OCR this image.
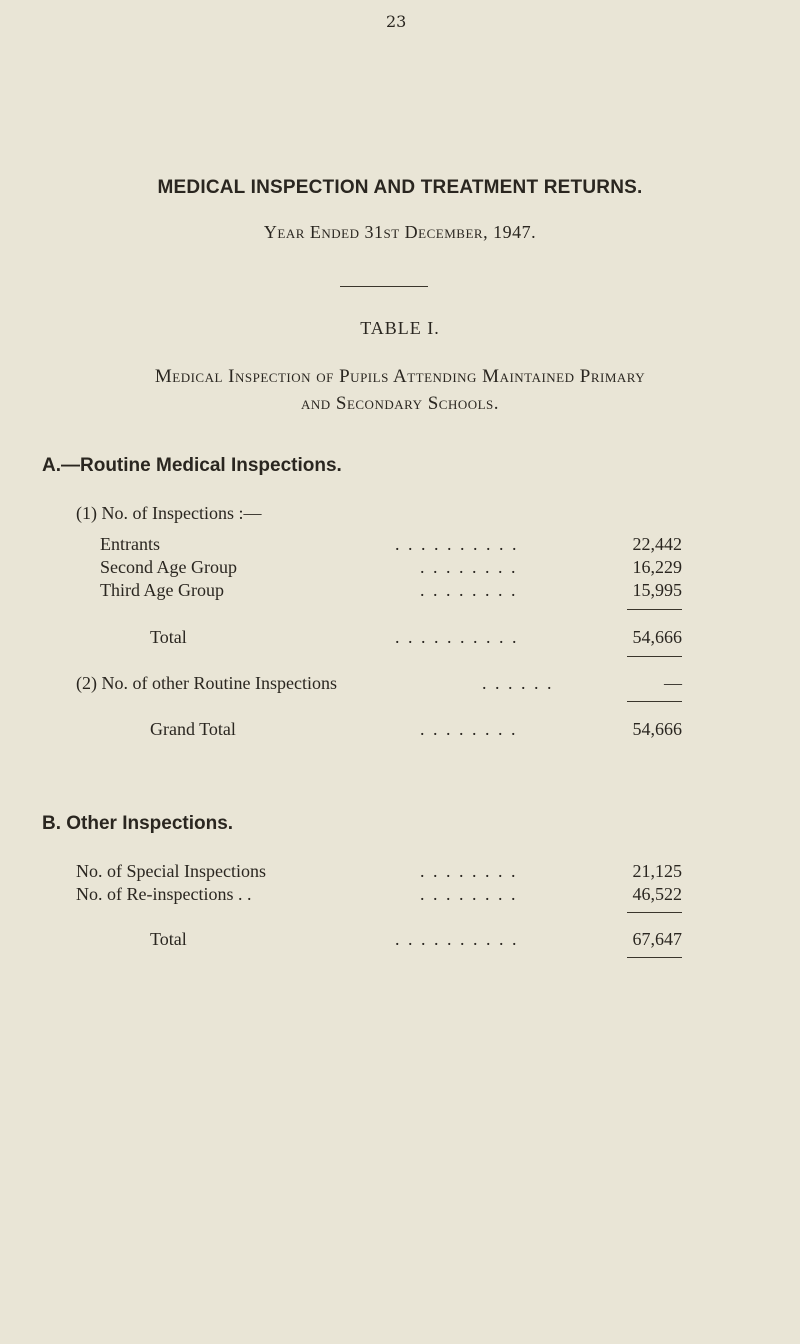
23
MEDICAL INSPECTION AND TREATMENT RETURNS.
Year Ended 31st December, 1947.
TABLE I.
Medical Inspection of Pupils Attending Maintained Primary
and Secondary Schools.
A.—Routine Medical Inspections.
(1) No. of Inspections :—
Entrants	. . . . . . . . . .	22,442
Second Age Group	. . . . . . . .	16,229
Third Age Group	. . . . . . . .	15,995
Total	. . . . . . . . . .	54,666
(2) No. of other Routine Inspections	. . . . . .	—
Grand Total	. . . . . . . .	54,666
B. Other Inspections.
No. of Special Inspections	. . . . . . . .	21,125
No. of Re-inspections . .	. . . . . . . .	46,522
Total	. . . . . . . . . .	67,647
